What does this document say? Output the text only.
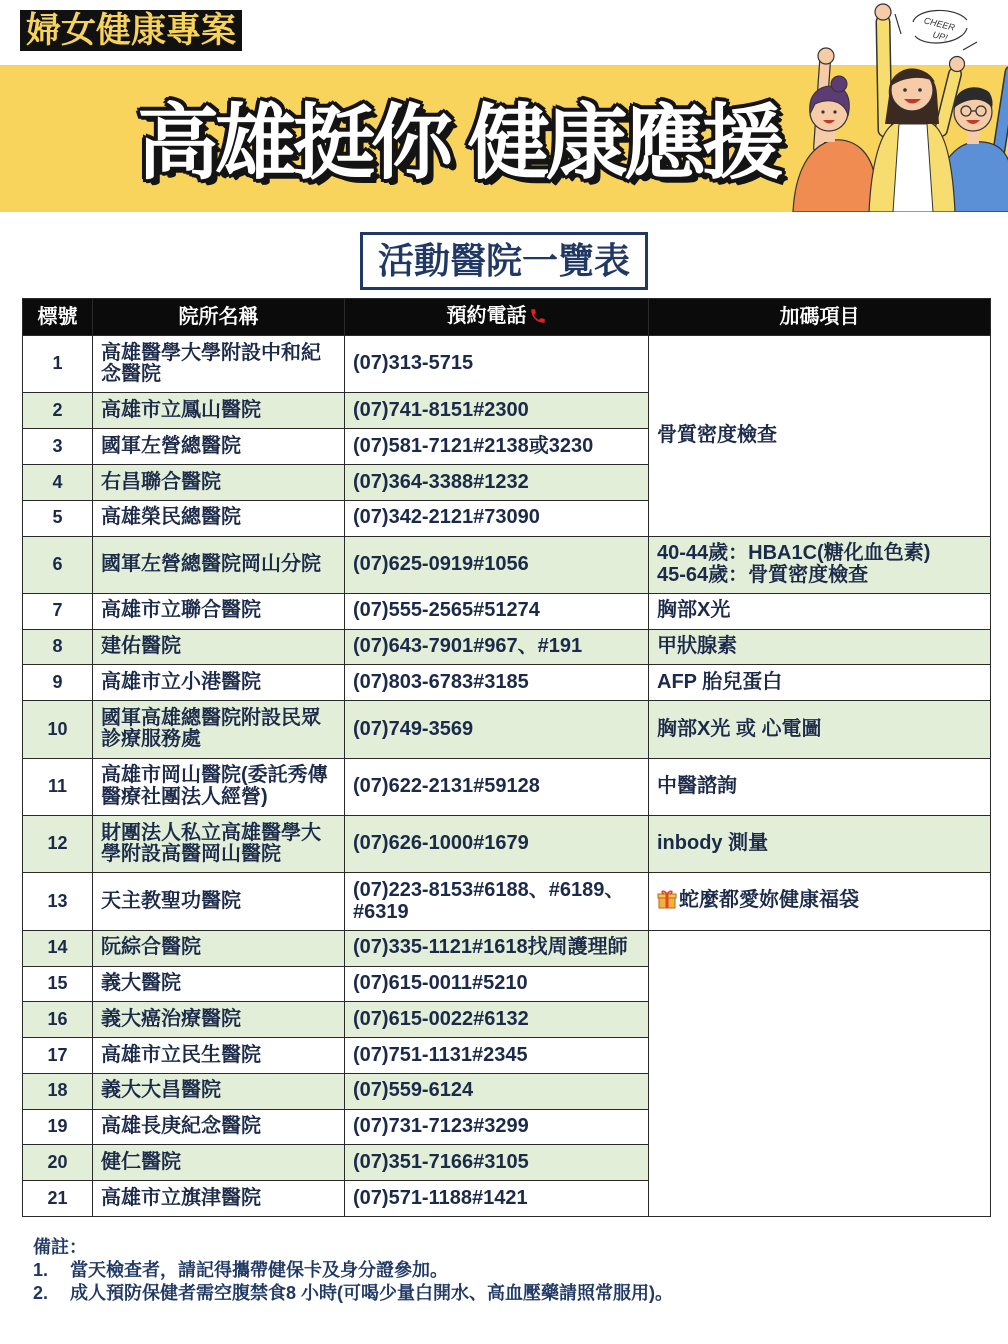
婦女健康專案
高雄挺你 健康應援
CHEER
UP!
活動醫院一覽表
標號	院所名稱	預約電話	加碼項目
1	高雄醫學大學附設中和紀念醫院	(07)313-5715	骨質密度檢查
2	高雄市立鳳山醫院	(07)741-8151#2300	
3	國軍左營總醫院	(07)581-7121#2138或3230	
4	右昌聯合醫院	(07)364-3388#1232	
5	高雄榮民總醫院	(07)342-2121#73090	
6	國軍左營總醫院岡山分院	(07)625-0919#1056	40-44歲：HBA1C(糖化血色素)
45-64歲：骨質密度檢查
7	高雄市立聯合醫院	(07)555-2565#51274	胸部X光
8	建佑醫院	(07)643-7901#967、#191	甲狀腺素
9	高雄市立小港醫院	(07)803-6783#3185	AFP 胎兒蛋白
10	國軍高雄總醫院附設民眾診療服務處	(07)749-3569	胸部X光 或 心電圖
11	高雄市岡山醫院(委託秀傳醫療社團法人經營)	(07)622-2131#59128	中醫諮詢
12	財團法人私立高雄醫學大學附設高醫岡山醫院	(07)626-1000#1679	inbody 測量
13	天主教聖功醫院	(07)223-8153#6188、#6189、#6319	蛇麼都愛妳健康福袋
14	阮綜合醫院	(07)335-1121#1618找周護理師	
15	義大醫院	(07)615-0011#5210	
16	義大癌治療醫院	(07)615-0022#6132	
17	高雄市立民生醫院	(07)751-1131#2345	
18	義大大昌醫院	(07)559-6124	
19	高雄長庚紀念醫院	(07)731-7123#3299	
20	健仁醫院	(07)351-7166#3105	
21	高雄市立旗津醫院	(07)571-1188#1421	
備註：
1.	當天檢查者，請記得攜帶健保卡及身分證參加。
2.	成人預防保健者需空腹禁食8 小時(可喝少量白開水、高血壓藥請照常服用)。
